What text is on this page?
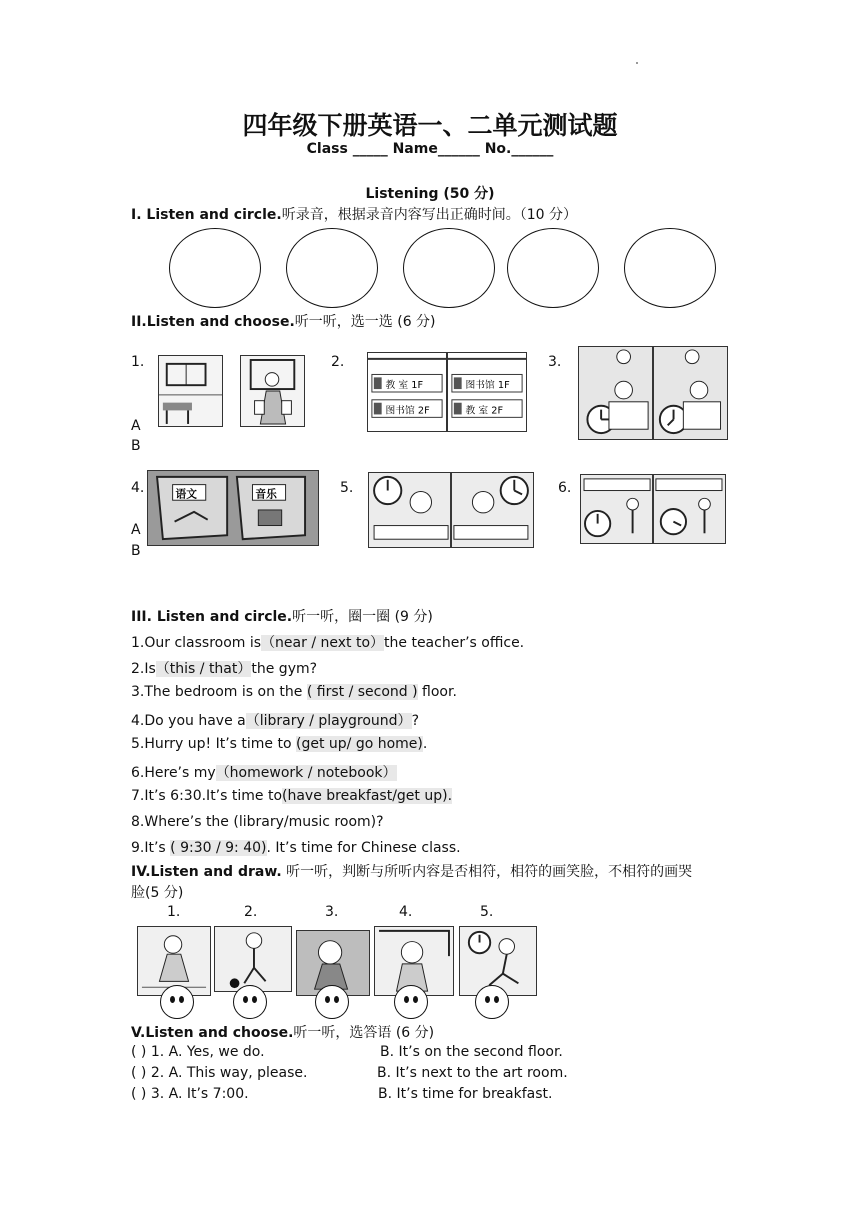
四年级下册英语一、二单元测试题
Class _____ Name______ No.______
Listening (50 分)
Ⅰ. Listen and circle.听录音，根据录音内容写出正确时间。（10 分）
II.Listen and choose.听一听，选一选 (6 分)
1.	2.	3.
A
B
教 室 1F
图书馆 2F
图书馆 1F
教 室 2F
4.	5.	6.
A
B
语文	音乐
III. Listen and circle.听一听，圈一圈 (9 分)
1.Our classroom is（near / next to）the teacher’s office.
2.Is（this / that）the gym?
3.The bedroom is on the ( first / second ) floor.
4.Do you have a（library / playground）?
5.Hurry up! It’s time to (get up/ go home).
6.Here’s my（homework / notebook）
7.It’s 6:30.It’s time to(have breakfast/get up).
8.Where’s the (library/music room)?
9.It’s ( 9:30 / 9: 40). It’s time for Chinese class.
IV.Listen and draw. 听一听，判断与所听内容是否相符，相符的画笑脸，不相符的画哭
脸(5 分)
1.	2.	3.	4.	5.
V.Listen and choose.听一听，选答语 (6 分)
( ) 1. A. Yes, we do.	B. It’s on the second floor.
( ) 2. A. This way, please.	B. It’s next to the art room.
( ) 3. A. It’s 7:00.	B. It’s time for breakfast.
